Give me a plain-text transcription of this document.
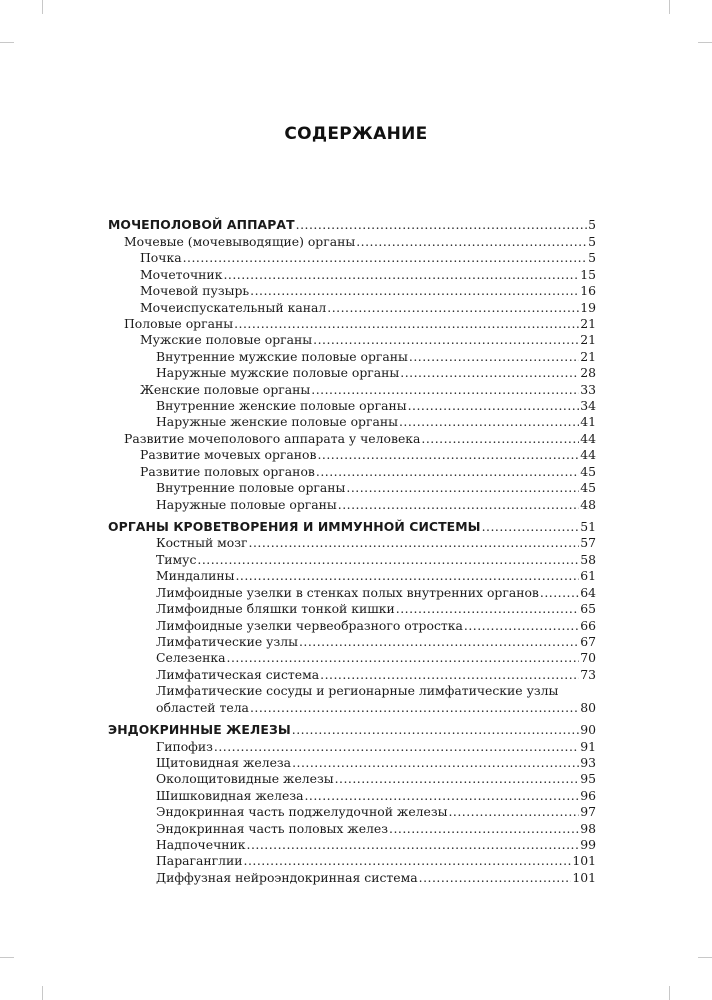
СОДЕРЖАНИЕ
МОЧЕПОЛОВОЙ АППАРАТ .....	5
Мочевые (мочевыводящие) органы .....	5
Почка .....	5
Мочеточник .....	15
Мочевой пузырь .....	16
Мочеиспускательный канал .....	19
Половые органы .....	21
Мужские половые органы .....	21
Внутренние мужские половые органы .....	21
Наружные мужские половые органы .....	28
Женские половые органы .....	33
Внутренние женские половые органы .....	34
Наружные женские половые органы .....	41
Развитие мочеполового аппарата у человека .....	44
Развитие мочевых органов .....	44
Развитие половых органов .....	45
Внутренние половые органы .....	45
Наружные половые органы .....	48
ОРГАНЫ КРОВЕТВОРЕНИЯ И ИММУННОЙ СИСТЕМЫ .....	51
Костный мозг .....	57
Тимус .....	58
Миндалины .....	61
Лимфоидные узелки в стенках полых внутренних органов .....	64
Лимфоидные бляшки тонкой кишки .....	65
Лимфоидные узелки червеобразного отростка .....	66
Лимфатические узлы .....	67
Селезенка .....	70
Лимфатическая система .....	73
Лимфатические сосуды и регионарные лимфатические узлы
областей тела .....	80
ЭНДОКРИННЫЕ ЖЕЛЕЗЫ .....	90
Гипофиз .....	91
Щитовидная железа .....	93
Околощитовидные железы .....	95
Шишковидная железа .....	96
Эндокринная часть поджелудочной железы .....	97
Эндокринная часть половых желез .....	98
Надпочечник .....	99
Параганглии .....	101
Диффузная нейроэндокринная система .....	101
